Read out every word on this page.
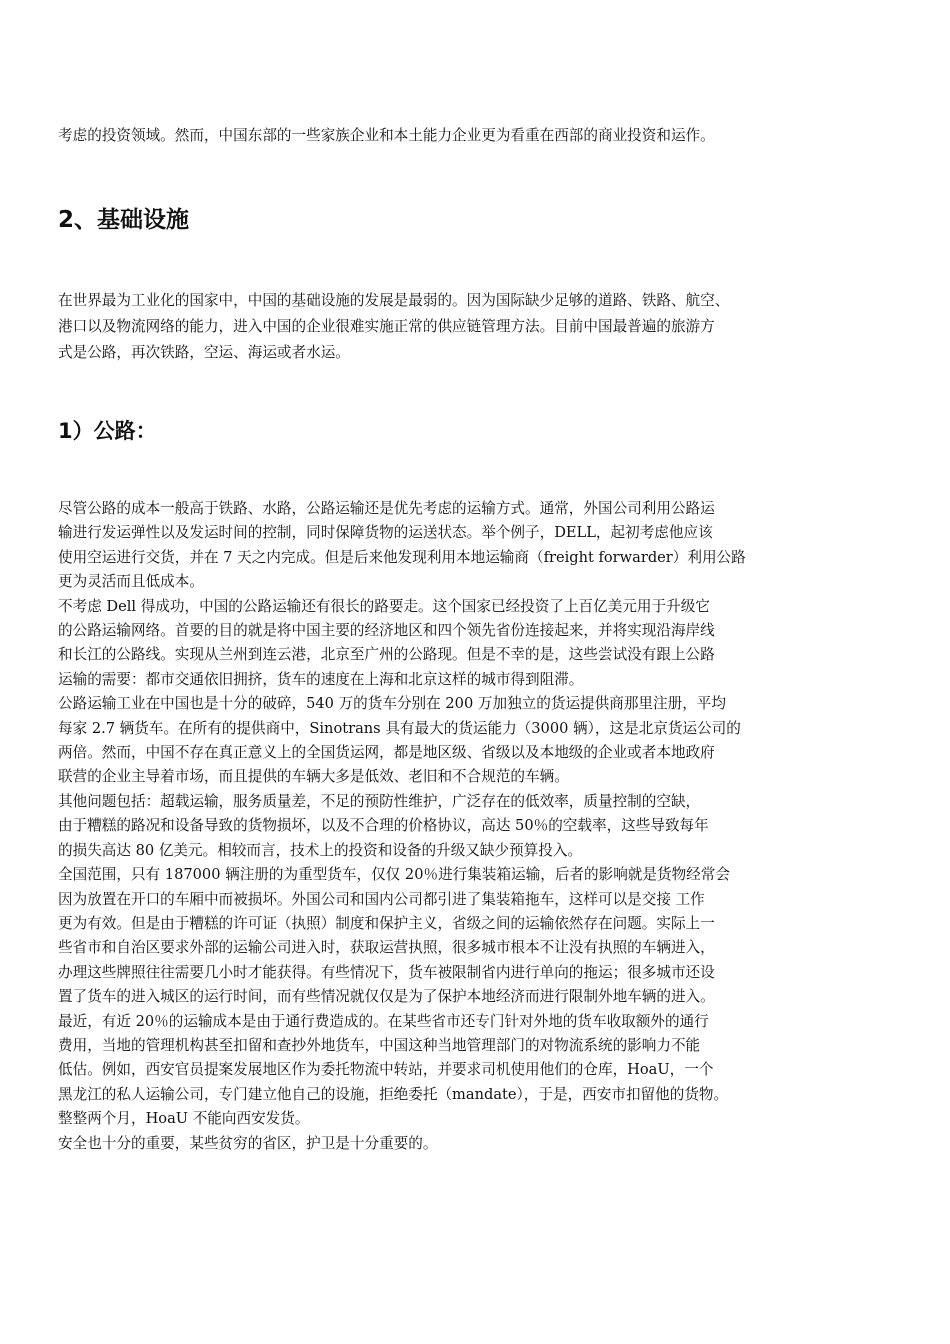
考虑的投资领域。然而，中国东部的一些家族企业和本土能力企业更为看重在西部的商业投资和运作。

2、基础设施
在世界最为工业化的国家中，中国的基础设施的发展是最弱的。因为国际缺少足够的道路、铁路、航空、
港口以及物流网络的能力，进入中国的企业很难实施正常的供应链管理方法。目前中国最普遍的旅游方
式是公路，再次铁路，空运、海运或者水运。
1）公路：
尽管公路的成本一般高于铁路、水路，公路运输还是优先考虑的运输方式。通常，外国公司利用公路运
输进行发运弹性以及发运时间的控制，同时保障货物的运送状态。举个例子，DELL，起初考虑他应该
使用空运进行交货，并在 7 天之内完成。但是后来他发现利用本地运输商（freight forwarder）利用公路
更为灵活而且低成本。
不考虑 Dell 得成功，中国的公路运输还有很长的路要走。这个国家已经投资了上百亿美元用于升级它
的公路运输网络。首要的目的就是将中国主要的经济地区和四个领先省份连接起来，并将实现沿海岸线
和长江的公路线。实现从兰州到连云港，北京至广州的公路现。但是不幸的是，这些尝试没有跟上公路
运输的需要：都市交通依旧拥挤，货车的速度在上海和北京这样的城市得到阻滞。
公路运输工业在中国也是十分的破碎，540 万的货车分别在 200 万加独立的货运提供商那里注册，平均
每家 2.7 辆货车。在所有的提供商中，Sinotrans 具有最大的货运能力（3000 辆），这是北京货运公司的
两倍。然而，中国不存在真正意义上的全国货运网，都是地区级、省级以及本地级的企业或者本地政府
联营的企业主导着市场，而且提供的车辆大多是低效、老旧和不合规范的车辆。
其他问题包括：超载运输，服务质量差，不足的预防性维护，广泛存在的低效率，质量控制的空缺，
由于糟糕的路况和设备导致的货物损坏，以及不合理的价格协议，高达 50％的空载率，这些导致每年
的损失高达 80 亿美元。相较而言，技术上的投资和设备的升级又缺少预算投入。
全国范围，只有 187000 辆注册的为重型货车，仅仅 20％进行集装箱运输，后者的影响就是货物经常会
因为放置在开口的车厢中而被损坏。外国公司和国内公司都引进了集装箱拖车，这样可以是交接 工作
更为有效。但是由于糟糕的许可证（执照）制度和保护主义，省级之间的运输依然存在问题。实际上一
些省市和自治区要求外部的运输公司进入时，获取运营执照，很多城市根本不让没有执照的车辆进入，
办理这些牌照往往需要几小时才能获得。有些情况下，货车被限制省内进行单向的拖运；很多城市还设
置了货车的进入城区的运行时间，而有些情况就仅仅是为了保护本地经济而进行限制外地车辆的进入。
最近，有近 20％的运输成本是由于通行费造成的。在某些省市还专门针对外地的货车收取额外的通行
费用，当地的管理机构甚至扣留和查抄外地货车，中国这种当地管理部门的对物流系统的影响力不能
低估。例如，西安官员提案发展地区作为委托物流中转站，并要求司机使用他们的仓库，HoaU，一个
黑龙江的私人运输公司，专门建立他自己的设施，拒绝委托（mandate），于是，西安市扣留他的货物。
整整两个月，HoaU 不能向西安发货。
安全也十分的重要，某些贫穷的省区，护卫是十分重要的。
